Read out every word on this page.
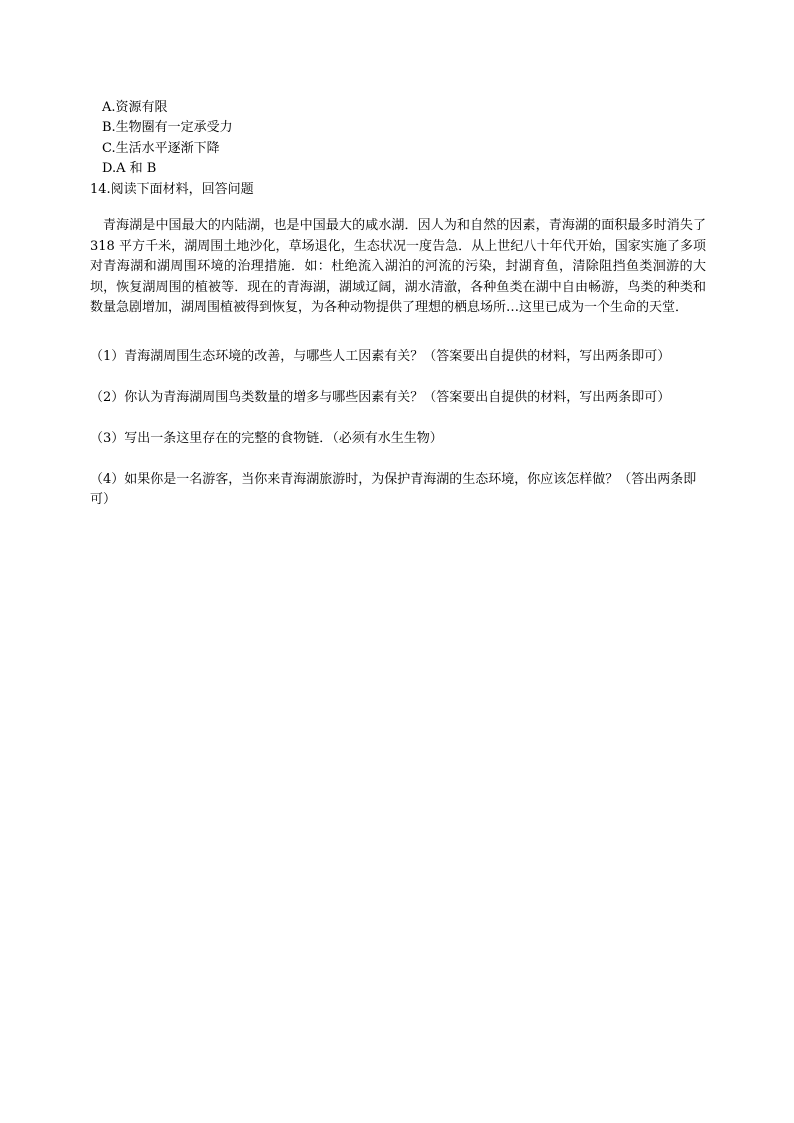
A.资源有限
B.生物圈有一定承受力
C.生活水平逐渐下降
D.A 和 B
14.阅读下面材料，回答问题
青海湖是中国最大的内陆湖，也是中国最大的咸水湖．因人为和自然的因素，青海湖的面积最多时消失了 318 平方千米，湖周围土地沙化，草场退化，生态状况一度告急．从上世纪八十年代开始，国家实施了多项对青海湖和湖周围环境的治理措施．如：杜绝流入湖泊的河流的污染，封湖育鱼，清除阻挡鱼类洄游的大坝，恢复湖周围的植被等．现在的青海湖，湖域辽阔，湖水清澈，各种鱼类在湖中自由畅游，鸟类的种类和数量急剧增加，湖周围植被得到恢复，为各种动物提供了理想的栖息场所…这里已成为一个生命的天堂．
（1）青海湖周围生态环境的改善，与哪些人工因素有关？（答案要出自提供的材料，写出两条即可）
（2）你认为青海湖周围鸟类数量的增多与哪些因素有关？（答案要出自提供的材料，写出两条即可）
（3）写出一条这里存在的完整的食物链．（必须有水生生物）
（4）如果你是一名游客，当你来青海湖旅游时，为保护青海湖的生态环境，你应该怎样做？（答出两条即可）
